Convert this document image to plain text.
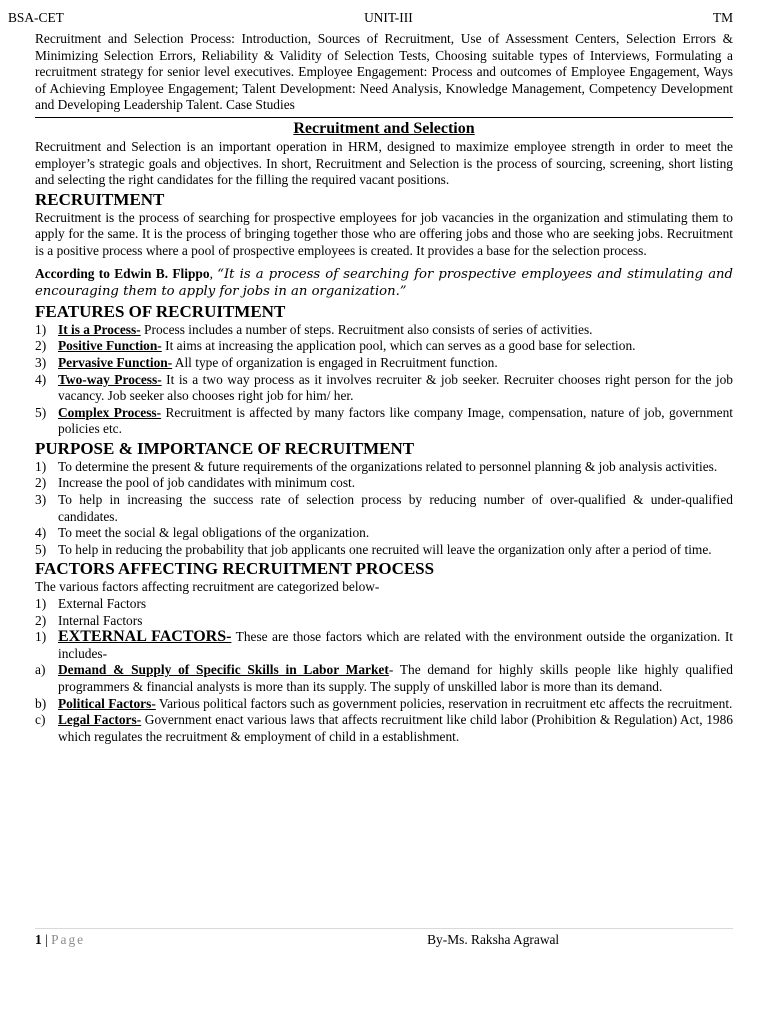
BSA-CET	UNIT-III	TM

Recruitment and Selection Process: Introduction, Sources of Recruitment, Use of Assessment Centers, Selection Errors & Minimizing Selection Errors, Reliability & Validity of Selection Tests, Choosing suitable types of Interviews, Formulating a recruitment strategy for senior level executives. Employee Engagement: Process and outcomes of Employee Engagement, Ways of Achieving Employee Engagement; Talent Development: Need Analysis, Knowledge Management, Competency Development and Developing Leadership Talent. Case Studies

Recruitment and Selection

Recruitment and Selection is an important operation in HRM, designed to maximize employee strength in order to meet the employer’s strategic goals and objectives. In short, Recruitment and Selection is the process of sourcing, screening, short listing and selecting the right candidates for the filling the required vacant positions.

RECRUITMENT

Recruitment is the process of searching for prospective employees for job vacancies in the organization and stimulating them to apply for the same. It is the process of bringing together those who are offering jobs and those who are seeking jobs. Recruitment is a positive process where a pool of prospective employees is created. It provides a base for the selection process.

According to Edwin B. Flippo, “It is a process of searching for prospective employees and stimulating and encouraging them to apply for jobs in an organization.”

FEATURES OF RECRUITMENT
1) It is a Process- Process includes a number of steps. Recruitment also consists of series of activities.
2) Positive Function- It aims at increasing the application pool, which can serves as a good base for selection.
3) Pervasive Function- All type of organization is engaged in Recruitment function.
4) Two-way Process- It is a two way process as it involves recruiter & job seeker. Recruiter chooses right person for the job vacancy. Job seeker also chooses right job for him/ her.
5) Complex Process- Recruitment is affected by many factors like company Image, compensation, nature of job, government policies etc.
PURPOSE & IMPORTANCE OF RECRUITMENT
1) To determine the present & future requirements of the organizations related to personnel planning & job analysis activities.
2) Increase the pool of job candidates with minimum cost.
3) To help in increasing the success rate of selection process by reducing number of over-qualified & under-qualified candidates.
4) To meet the social & legal obligations of the organization.
5) To help in reducing the probability that job applicants one recruited will leave the organization only after a period of time.
FACTORS AFFECTING RECRUITMENT PROCESS

The various factors affecting recruitment are categorized below-

1) External Factors
2) Internal Factors
1) EXTERNAL FACTORS- These are those factors which are related with the environment outside the organization. It includes-
a) Demand & Supply of Specific Skills in Labor Market- The demand for highly skills people like highly qualified programmers & financial analysts is more than its supply. The supply of unskilled labor is more than its demand.
b) Political Factors- Various political factors such as government policies, reservation in recruitment etc affects the recruitment.
c) Legal Factors- Government enact various laws that affects recruitment like child labor (Prohibition & Regulation) Act, 1986 which regulates the recruitment & employment of child in a establishment.
1 | Page	By-Ms. Raksha Agrawal
